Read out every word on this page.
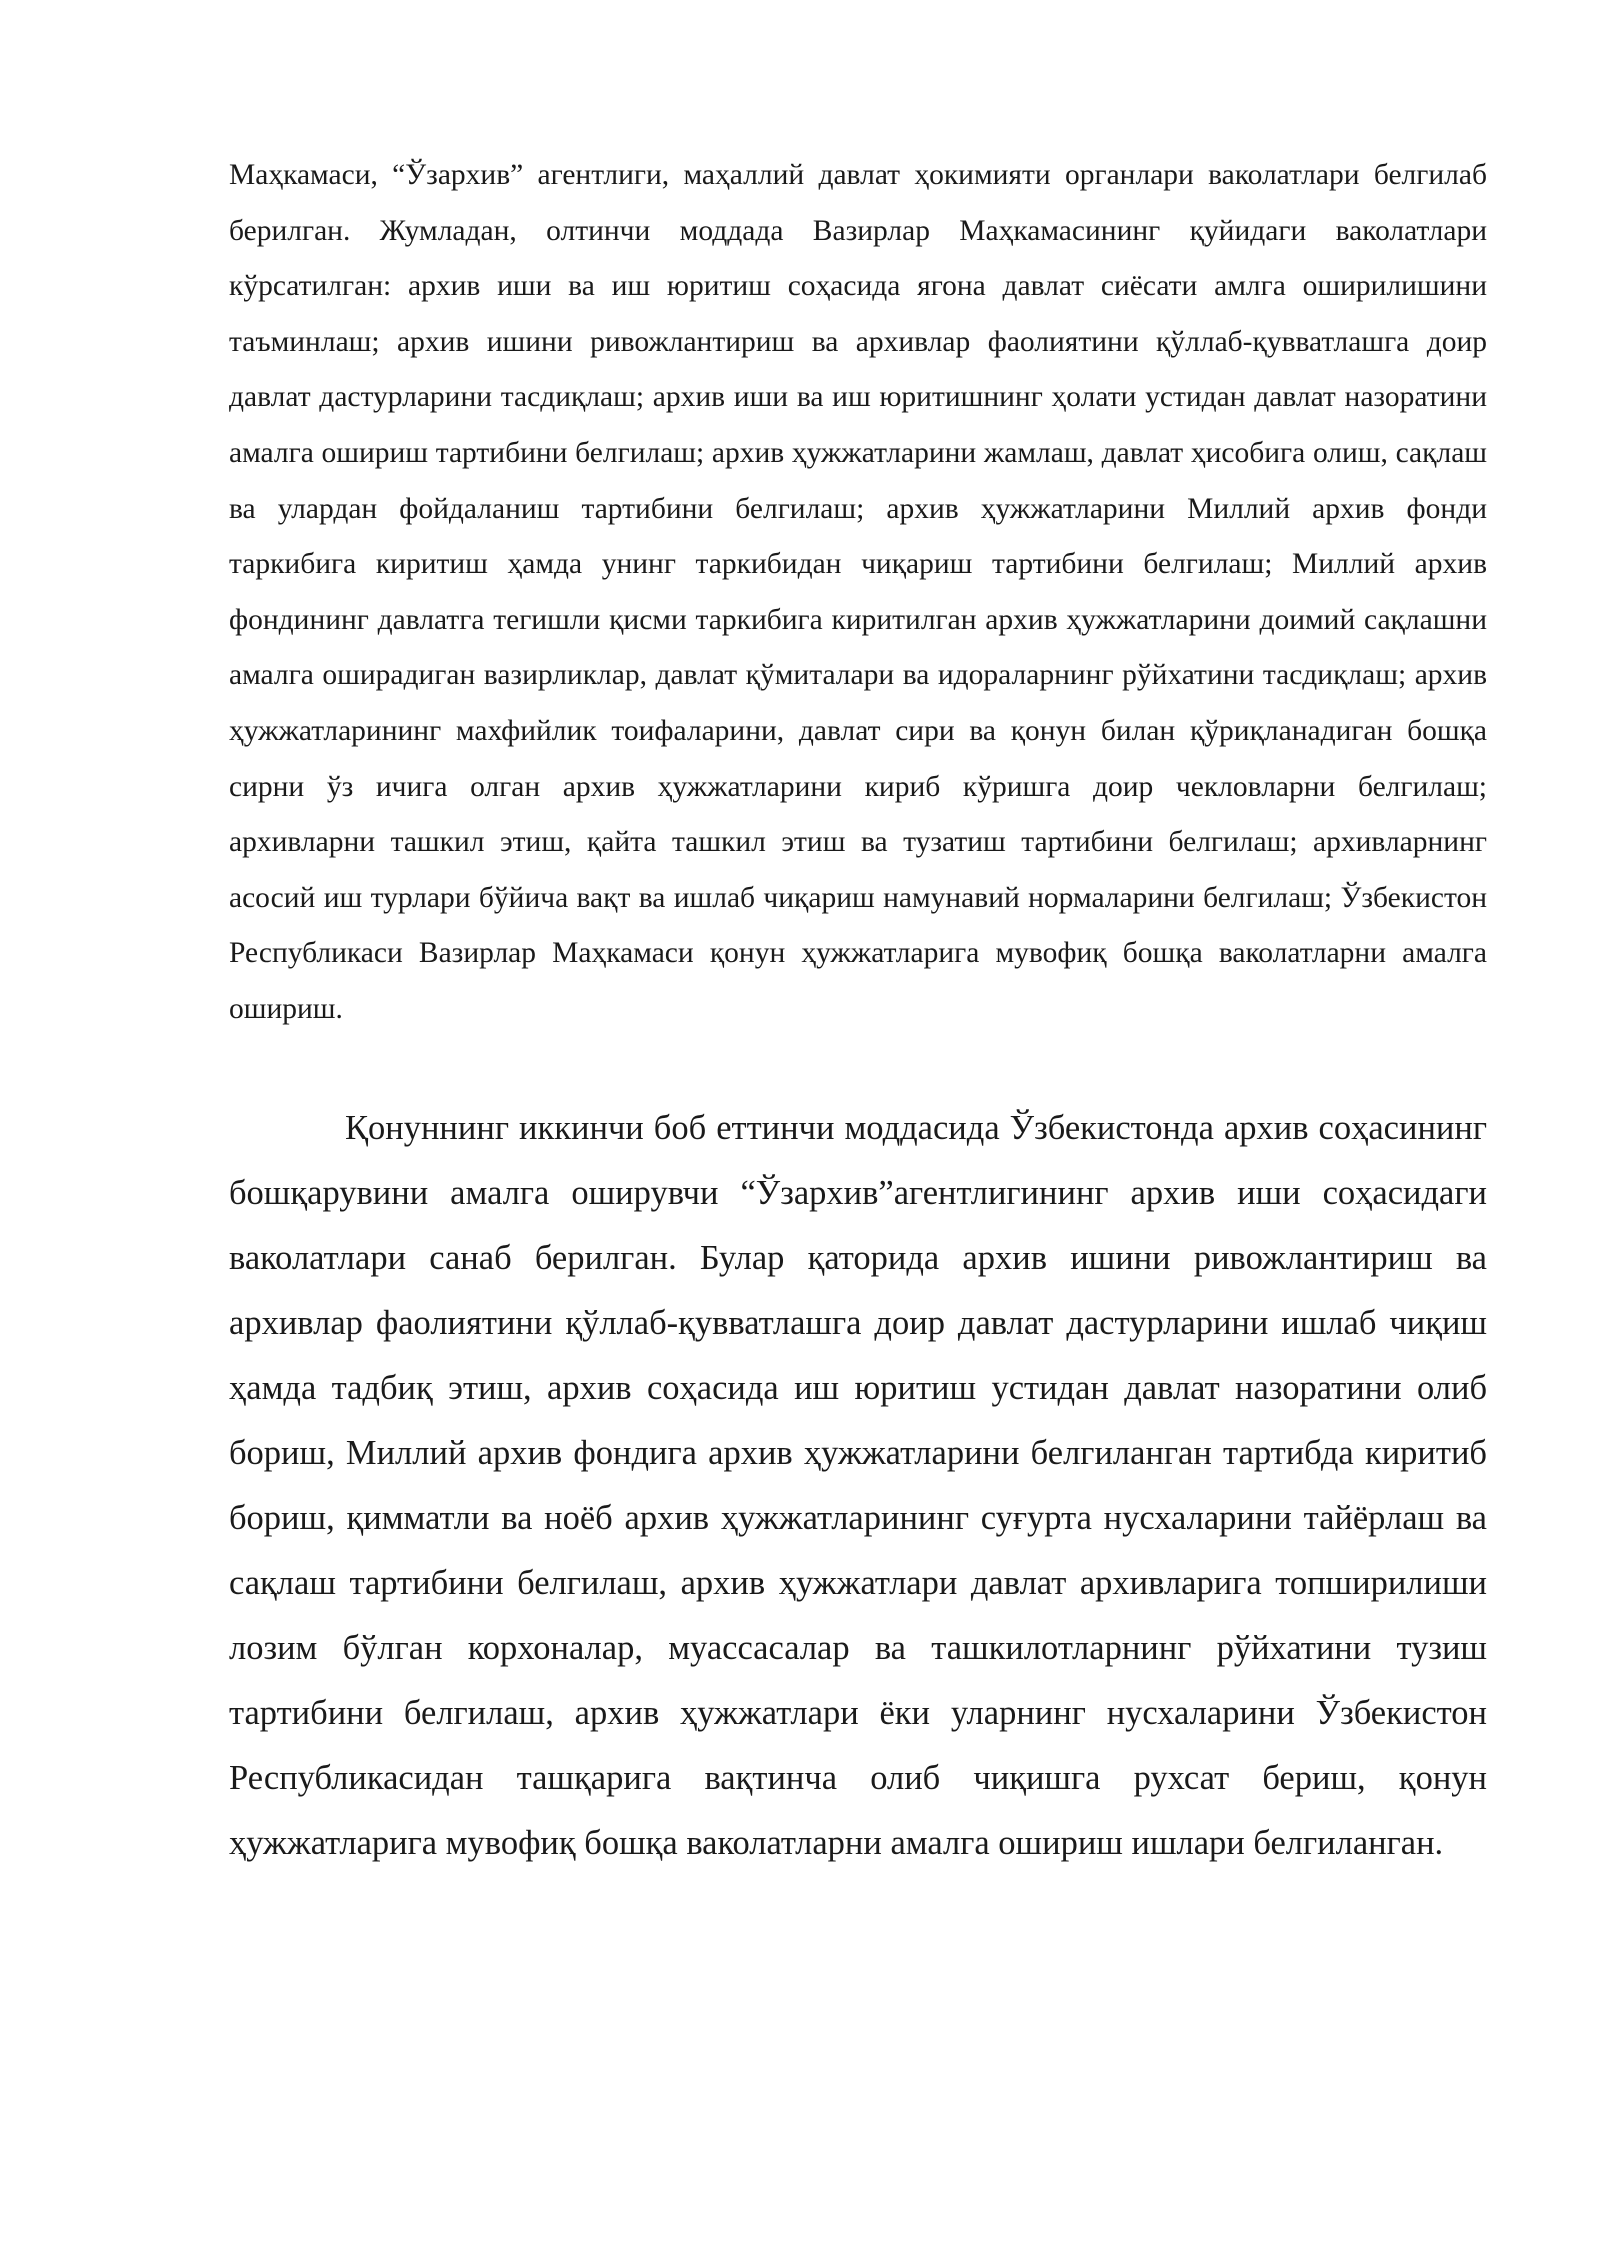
Маҳкамаси, “Ўзархив” агентлиги, маҳаллий давлат ҳокимияти органлари ваколатлари белгилаб берилган. Жумладан, олтинчи моддада Вазирлар Маҳкамасининг қуйидаги ваколатлари кўрсатилган: архив иши ва иш юритиш соҳасида ягона давлат сиёсати амлга оширилишини таъминлаш; архив ишини ривожлантириш ва архивлар фаолиятини қўллаб-қувватлашга доир давлат дастурларини тасдиқлаш; архив иши ва иш юритишнинг ҳолати устидан давлат назоратини амалга ошириш тартибини белгилаш; архив ҳужжатларини жамлаш, давлат ҳисобига олиш, сақлаш ва улардан фойдаланиш тартибини белгилаш; архив ҳужжатларини Миллий архив фонди таркибига киритиш ҳамда унинг таркибидан чиқариш тартибини белгилаш; Миллий архив фондининг давлатга тегишли қисми таркибига киритилган архив ҳужжатларини доимий сақлашни амалга оширадиган вазирликлар, давлат қўмиталари ва идораларнинг рўйхатини тасдиқлаш; архив ҳужжатларининг махфийлик тоифаларини, давлат сири ва қонун билан қўриқланадиган бошқа сирни ўз ичига олган архив ҳужжатларини кириб кўришга доир чекловларни белгилаш; архивларни ташкил этиш, қайта ташкил этиш ва тузатиш тартибини белгилаш; архивларнинг асосий иш турлари бўйича вақт ва ишлаб чиқариш намунавий нормаларини белгилаш; Ўзбекистон Республикаси Вазирлар Маҳкамаси қонун ҳужжатларига мувофиқ бошқа ваколатларни амалга ошириш.

Қонуннинг иккинчи боб еттинчи моддасида Ўзбекистонда архив соҳасининг бошқарувини амалга оширувчи “Ўзархив”агентлигининг архив иши соҳасидаги ваколатлари санаб берилган. Булар қаторида архив ишини ривожлантириш ва архивлар фаолиятини қўллаб-қувватлашга доир давлат дастурларини ишлаб чиқиш ҳамда тадбиқ этиш, архив соҳасида иш юритиш устидан давлат назоратини олиб бориш, Миллий архив фондига архив ҳужжатларини белгиланган тартибда киритиб бориш, қимматли ва ноёб архив ҳужжатларининг суғурта нусхаларини тайёрлаш ва сақлаш тартибини белгилаш, архив ҳужжатлари давлат архивларига топширилиши лозим бўлган корхоналар, муассасалар ва ташкилотларнинг рўйхатини тузиш тартибини белгилаш, архив ҳужжатлари ёки уларнинг нусхаларини Ўзбекистон Республикасидан ташқарига вақтинча олиб чиқишга рухсат бериш, қонун ҳужжатларига мувофиқ бошқа ваколатларни амалга ошириш ишлари белгиланган.
